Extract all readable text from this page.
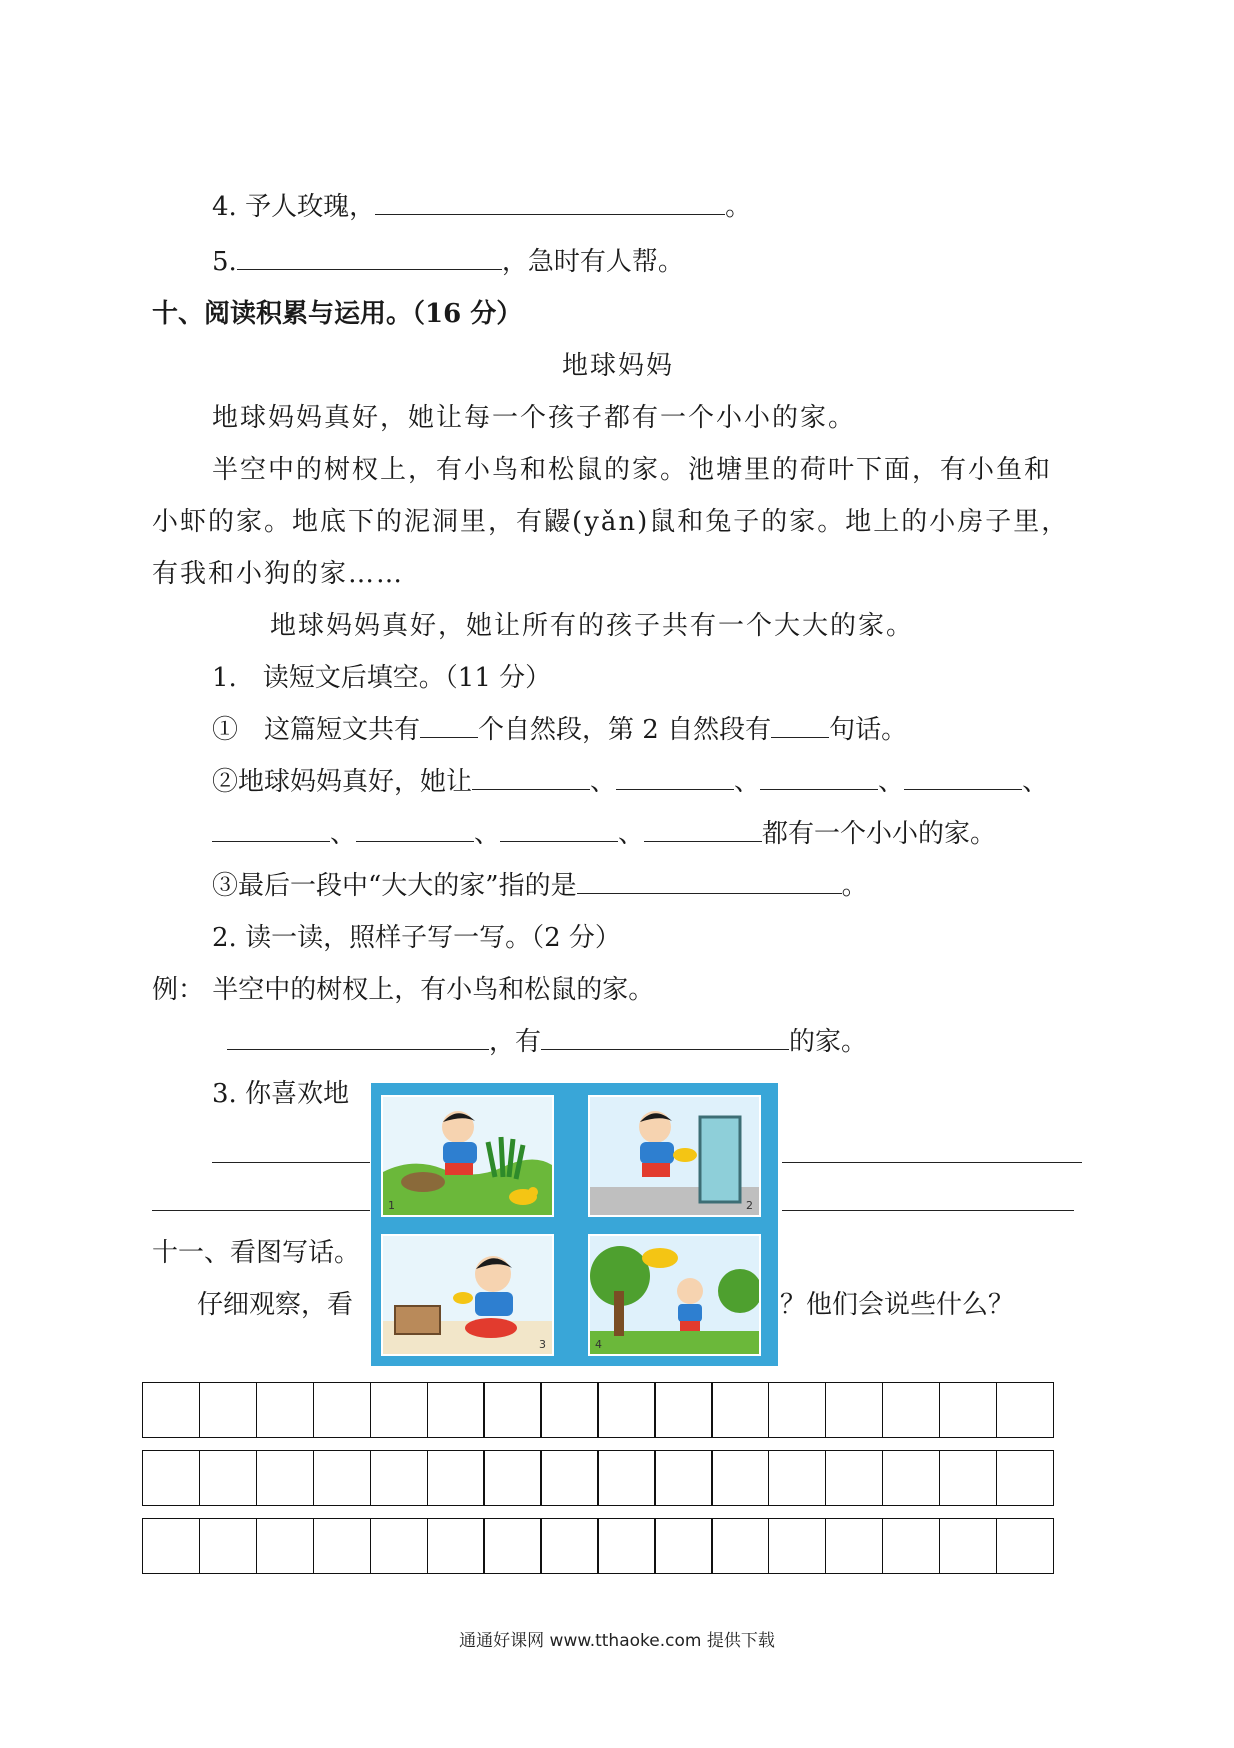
4. 予人玫瑰，	。
5.	，急时有人帮。
十、阅读积累与运用。（16 分）
地球妈妈
地球妈妈真好，她让每一个孩子都有一个小小的家。
半空中的树杈上，有小鸟和松鼠的家。池塘里的荷叶下面，有小鱼和
小虾的家。地底下的泥洞里，有鼹(yǎn)鼠和兔子的家。地上的小房子里，
有我和小狗的家……
地球妈妈真好，她让所有的孩子共有一个大大的家。
1.　读短文后填空。（11 分）
①　这篇短文共有 个自然段，第 2 自然段有 句话。
②地球妈妈真好，她让	、	、	、	、
、	、	、	都有一个小小的家。
③最后一段中“大大的家”指的是	。
2. 读一读，照样子写一写。（2 分）
例： 半空中的树杈上，有小鸟和松鼠的家。
，有	的家。
3. 你喜欢地
十一、看图写话。
仔细观察，看	？他们会说些什么？
1	2
3	4
通通好课网 www.tthaoke.com 提供下载
